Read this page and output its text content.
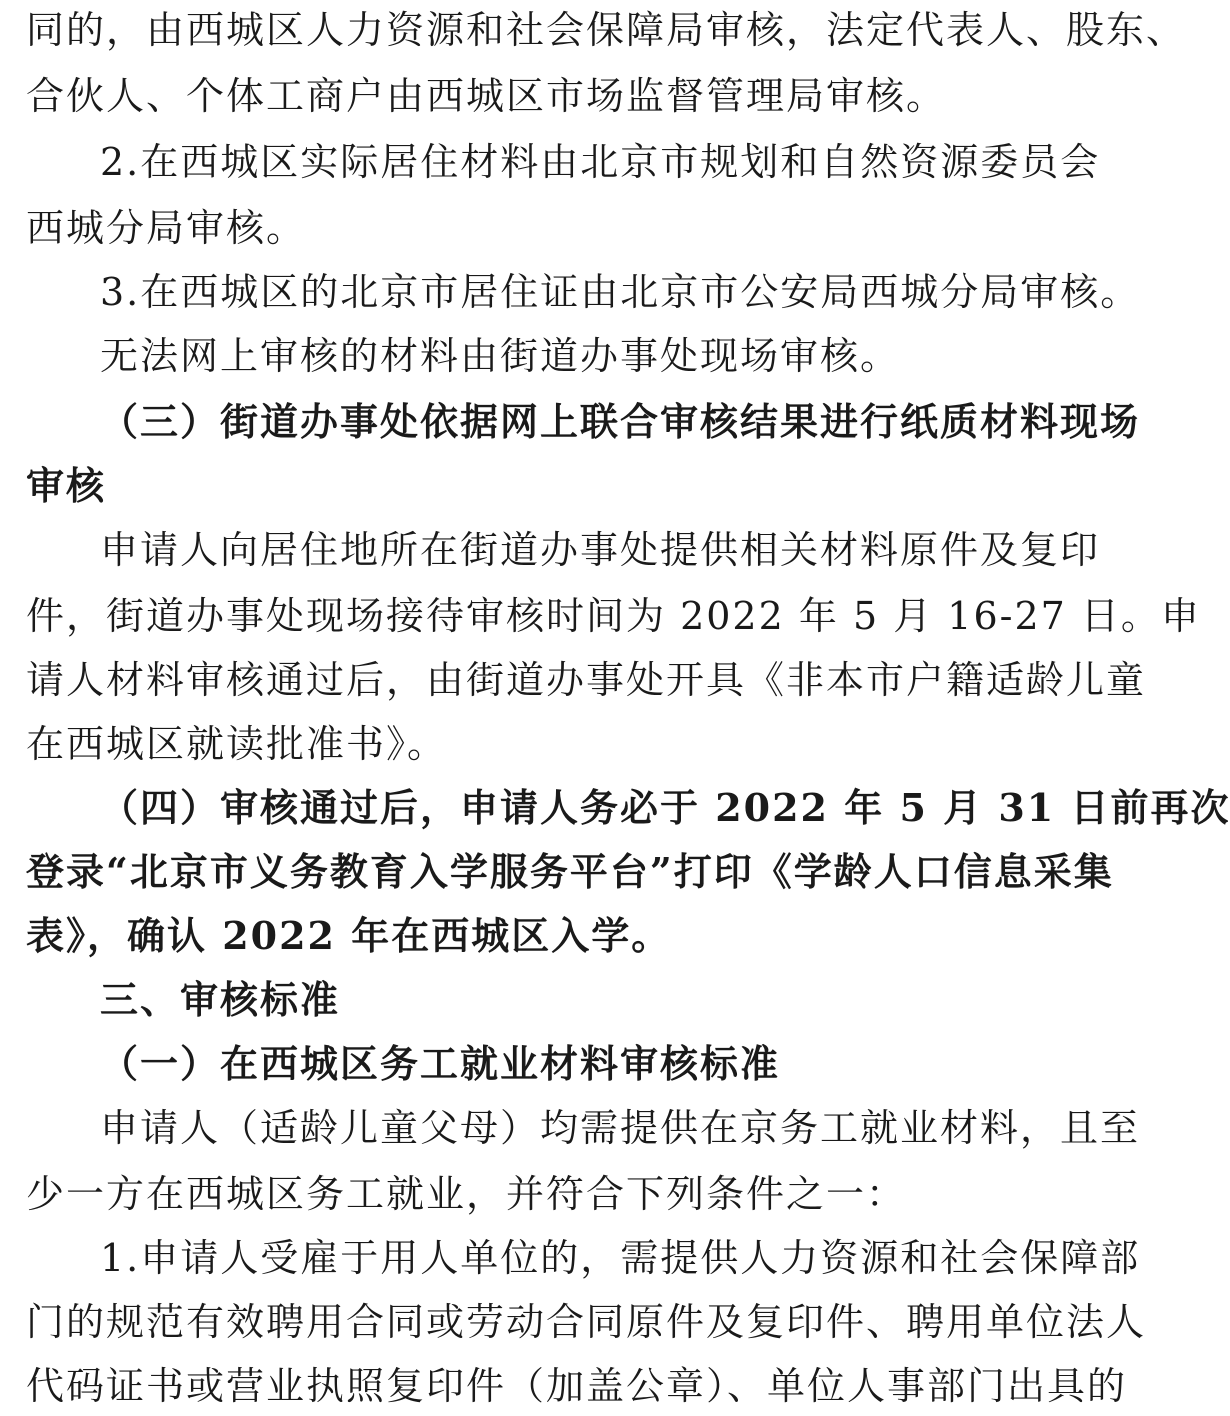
同的，由西城区人力资源和社会保障局审核，法定代表人、股东、
合伙人、个体工商户由西城区市场监督管理局审核。
2.在西城区实际居住材料由北京市规划和自然资源委员会
西城分局审核。
3.在西城区的北京市居住证由北京市公安局西城分局审核。
无法网上审核的材料由街道办事处现场审核。
（三）街道办事处依据网上联合审核结果进行纸质材料现场
审核
申请人向居住地所在街道办事处提供相关材料原件及复印
件，街道办事处现场接待审核时间为 2022 年 5 月 16-27 日。申
请人材料审核通过后，由街道办事处开具《非本市户籍适龄儿童
在西城区就读批准书》。
（四）审核通过后，申请人务必于 2022 年 5 月 31 日前再次
登录“北京市义务教育入学服务平台”打印《学龄人口信息采集
表》，确认 2022 年在西城区入学。
三、审核标准
（一）在西城区务工就业材料审核标准
申请人（适龄儿童父母）均需提供在京务工就业材料，且至
少一方在西城区务工就业，并符合下列条件之一：
1.申请人受雇于用人单位的，需提供人力资源和社会保障部
门的规范有效聘用合同或劳动合同原件及复印件、聘用单位法人
代码证书或营业执照复印件（加盖公章）、单位人事部门出具的
